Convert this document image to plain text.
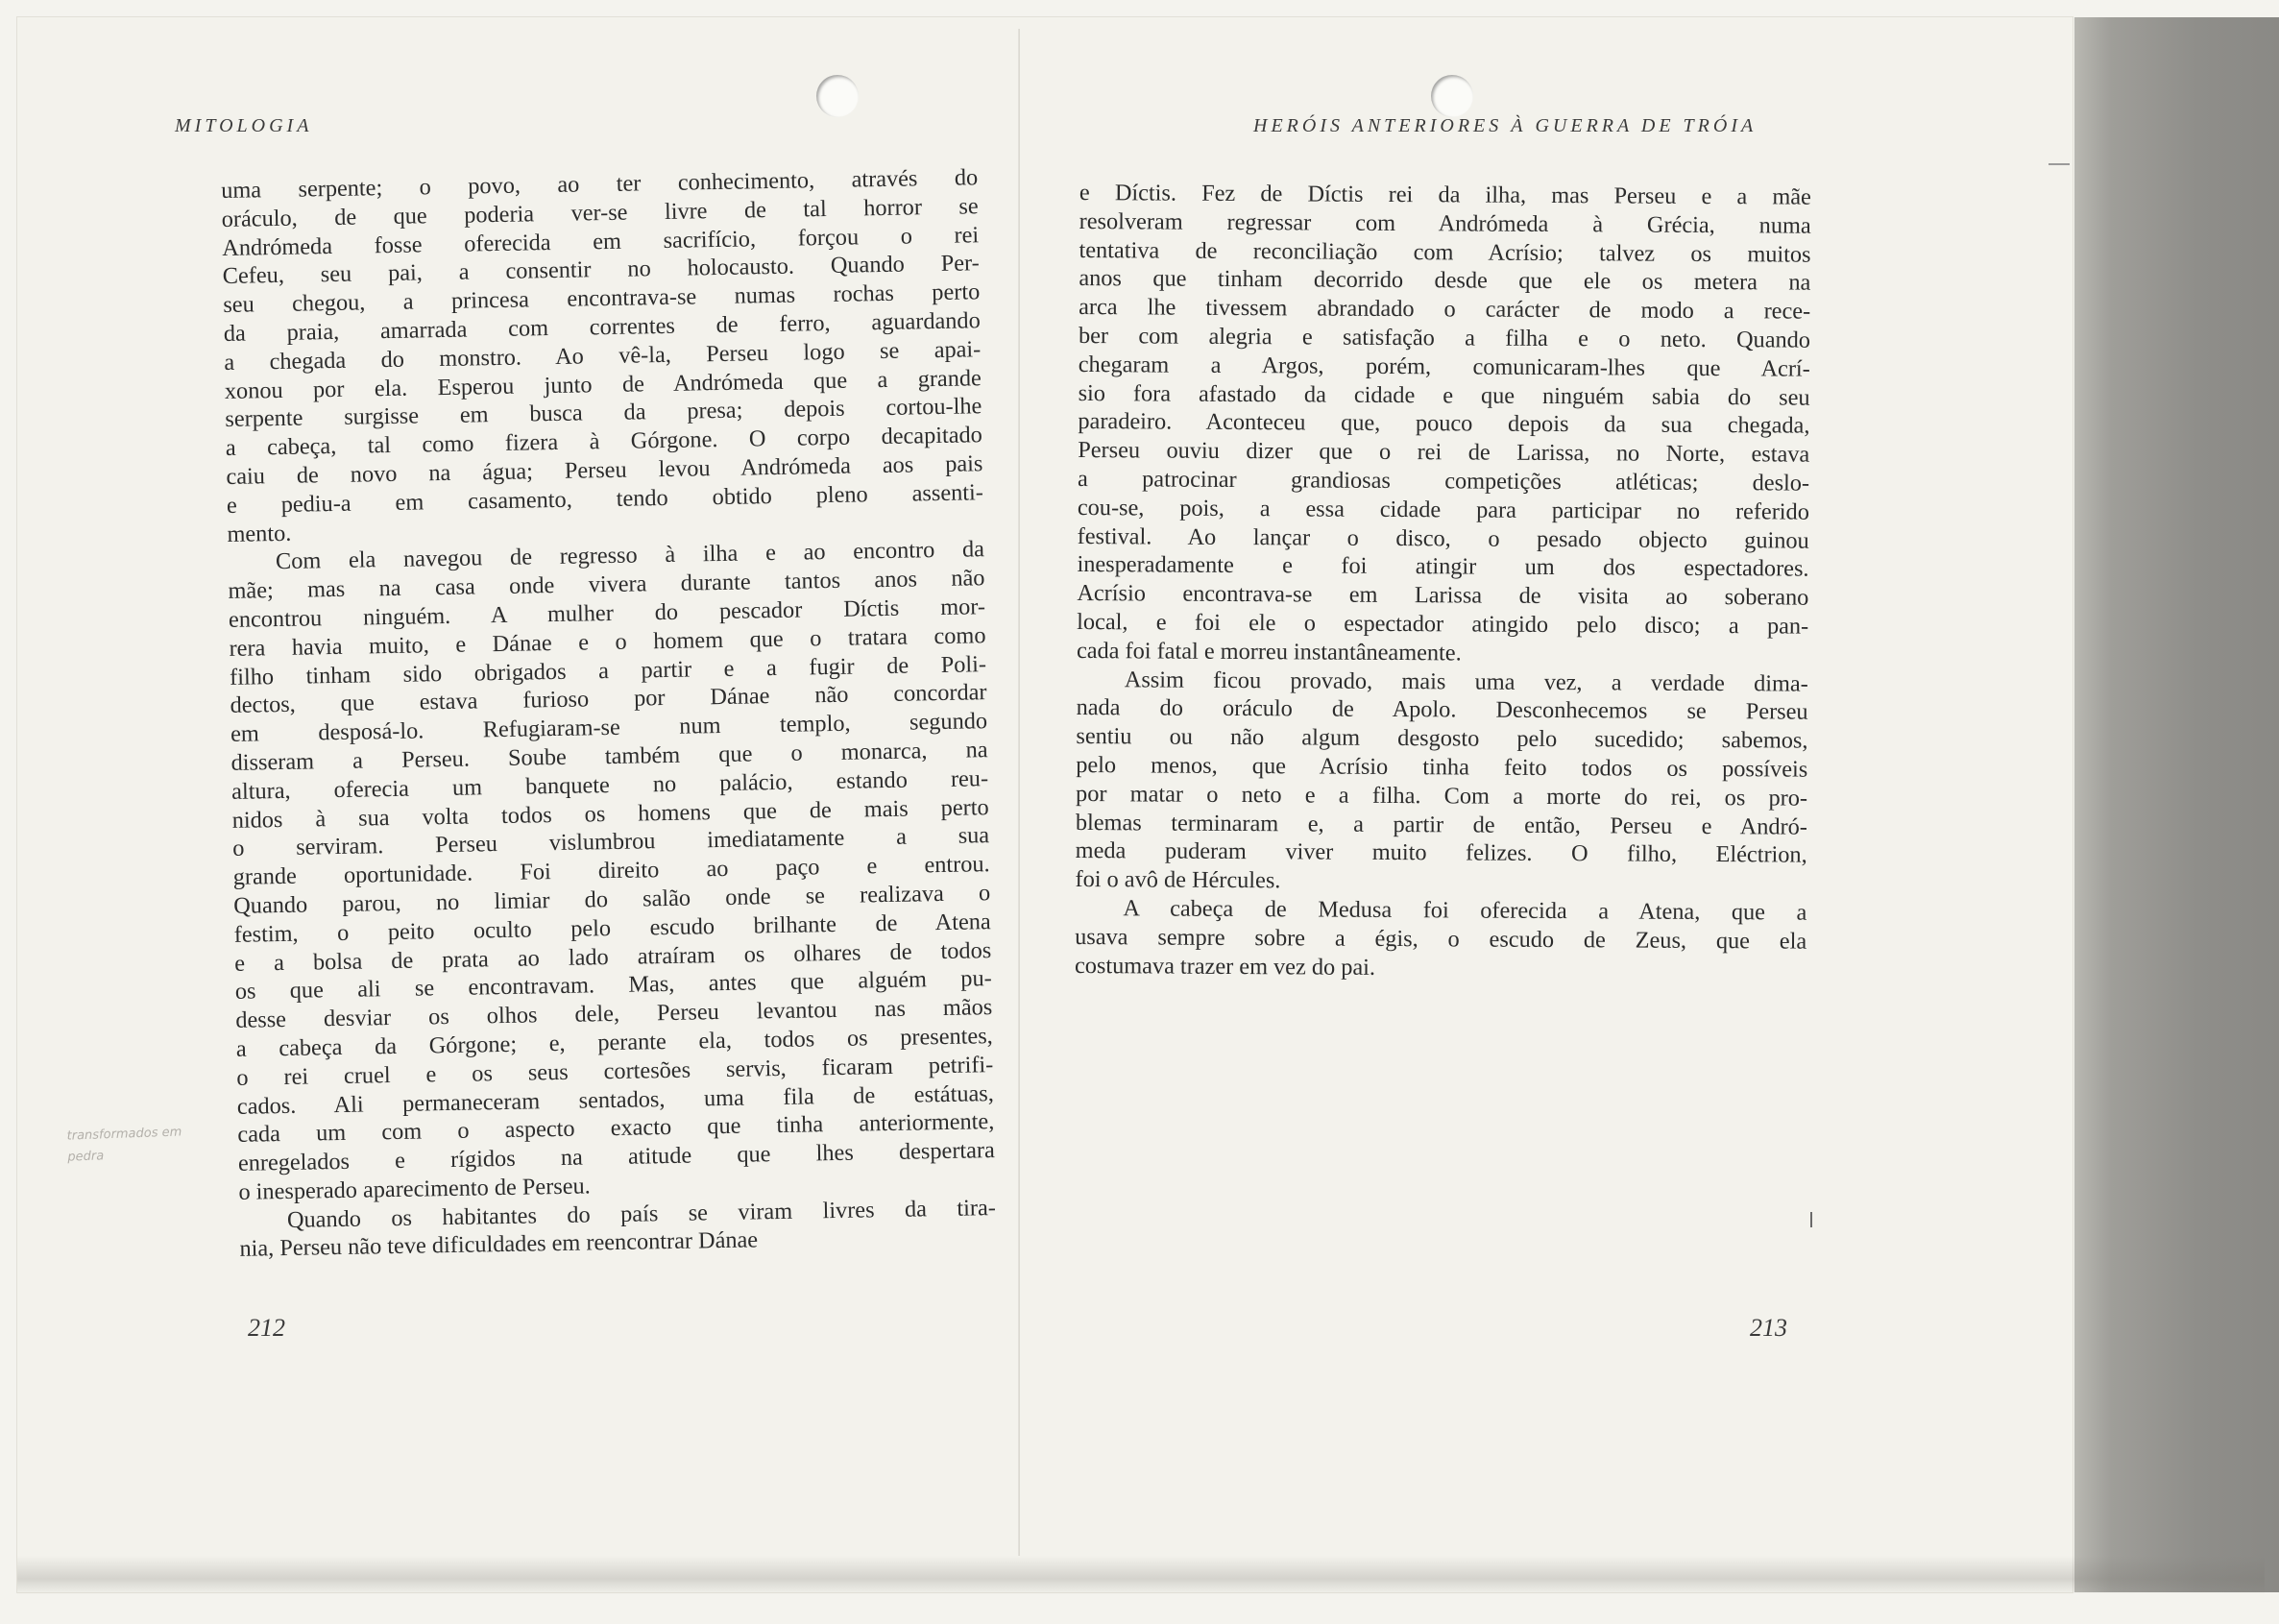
MITOLOGIA	HERÓIS ANTERIORES À GUERRA DE TRÓIA
uma serpente; o povo, ao ter conhecimento, através do
oráculo, de que poderia ver-se livre de tal horror se
Andrómeda fosse oferecida em sacrifício, forçou o rei
Cefeu, seu pai, a consentir no holocausto. Quando Per-
seu chegou, a princesa encontrava-se numas rochas perto
da praia, amarrada com correntes de ferro, aguardando
a chegada do monstro. Ao vê-la, Perseu logo se apai-
xonou por ela. Esperou junto de Andrómeda que a grande
serpente surgisse em busca da presa; depois cortou-lhe
a cabeça, tal como fizera à Górgone. O corpo decapitado
caiu de novo na água; Perseu levou Andrómeda aos pais
e pediu-a em casamento, tendo obtido pleno assenti-
mento.
Com ela navegou de regresso à ilha e ao encontro da
mãe; mas na casa onde vivera durante tantos anos não
encontrou ninguém. A mulher do pescador Díctis mor-
rera havia muito, e Dánae e o homem que o tratara como
filho tinham sido obrigados a partir e a fugir de Poli-
dectos, que estava furioso por Dánae não concordar
em desposá-lo. Refugiaram-se num templo, segundo
disseram a Perseu. Soube também que o monarca, na
altura, oferecia um banquete no palácio, estando reu-
nidos à sua volta todos os homens que de mais perto
o serviram. Perseu vislumbrou imediatamente a sua
grande oportunidade. Foi direito ao paço e entrou.
Quando parou, no limiar do salão onde se realizava o
festim, o peito oculto pelo escudo brilhante de Atena
e a bolsa de prata ao lado atraíram os olhares de todos
os que ali se encontravam. Mas, antes que alguém pu-
desse desviar os olhos dele, Perseu levantou nas mãos
a cabeça da Górgone; e, perante ela, todos os presentes,
o rei cruel e os seus cortesões servis, ficaram petrifi-
cados. Ali permaneceram sentados, uma fila de estátuas,
cada um com o aspecto exacto que tinha anteriormente,
enregelados e rígidos na atitude que lhes despertara
o inesperado aparecimento de Perseu.
Quando os habitantes do país se viram livres da tira-
nia, Perseu não teve dificuldades em reencontrar Dánae
e Díctis. Fez de Díctis rei da ilha, mas Perseu e a mãe
resolveram regressar com Andrómeda à Grécia, numa
tentativa de reconciliação com Acrísio; talvez os muitos
anos que tinham decorrido desde que ele os metera na
arca lhe tivessem abrandado o carácter de modo a rece-
ber com alegria e satisfação a filha e o neto. Quando
chegaram a Argos, porém, comunicaram-lhes que Acrí-
sio fora afastado da cidade e que ninguém sabia do seu
paradeiro. Aconteceu que, pouco depois da sua chegada,
Perseu ouviu dizer que o rei de Larissa, no Norte, estava
a patrocinar grandiosas competições atléticas; deslo-
cou-se, pois, a essa cidade para participar no referido
festival. Ao lançar o disco, o pesado objecto guinou
inesperadamente e foi atingir um dos espectadores.
Acrísio encontrava-se em Larissa de visita ao soberano
local, e foi ele o espectador atingido pelo disco; a pan-
cada foi fatal e morreu instantâneamente.
Assim ficou provado, mais uma vez, a verdade dima-
nada do oráculo de Apolo. Desconhecemos se Perseu
sentiu ou não algum desgosto pelo sucedido; sabemos,
pelo menos, que Acrísio tinha feito todos os possíveis
por matar o neto e a filha. Com a morte do rei, os pro-
blemas terminaram e, a partir de então, Perseu e Andró-
meda puderam viver muito felizes. O filho, Eléctrion,
foi o avô de Hércules.
A cabeça de Medusa foi oferecida a Atena, que a
usava sempre sobre a égis, o escudo de Zeus, que ela
costumava trazer em vez do pai.
transformados em pedra
212	213
